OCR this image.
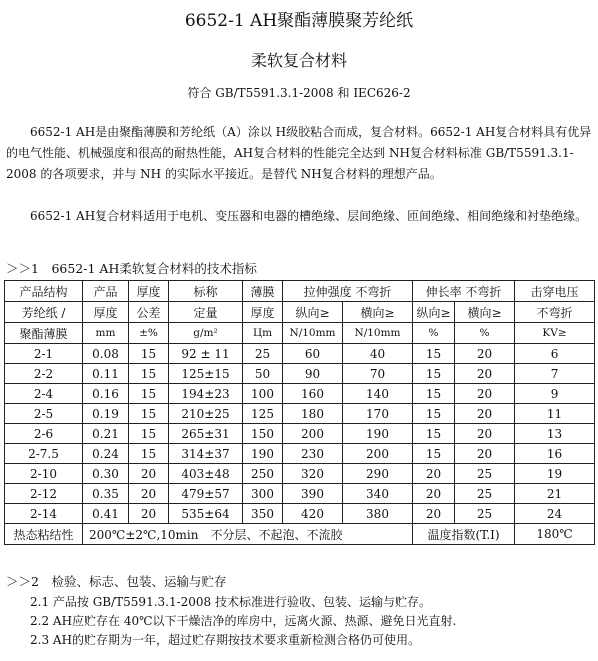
6652-1 AH聚酯薄膜聚芳纶纸
柔软复合材料
符合 GB/T5591.3.1-2008 和 IEC626-2

6652-1 AH是由聚酯薄膜和芳纶纸（A）涂以 H级胶粘合而成，复合材料。6652-1 AH复合材料具有优异的电气性能、机械强度和很高的耐热性能，AH复合材料的性能完全达到 NH复合材料标准 GB/T5591.3.1-2008 的各项要求，并与 NH 的实际水平接近。是替代 NH复合材料的理想产品。

6652-1 AH复合材料适用于电机、变压器和电器的槽绝缘、层间绝缘、匝间绝缘、相间绝缘和衬垫绝缘。

＞＞1　6652-1 AH柔软复合材料的技术指标
产品结构	产品	厚度	标称	薄膜	拉伸强度 不弯折		伸长率 不弯折		击穿电压
芳纶纸 /	厚度	公差	定量	厚度	纵向≥	横向≥	纵向≥	横向≥	不弯折
聚酯薄膜	mm	±%	g/m²	Цm	N/10mm	N/10mm	%	%	KV≥
2-1	0.08	15	92 ± 11	25	60	40	15	20	6
2-2	0.11	15	125±15	50	90	70	15	20	7
2-4	0.16	15	194±23	100	160	140	15	20	9
2-5	0.19	15	210±25	125	180	170	15	20	11
2-6	0.21	15	265±31	150	200	190	15	20	13
2-7.5	0.24	15	314±37	190	230	200	15	20	16
2-10	0.30	20	403±48	250	320	290	20	25	19
2-12	0.35	20	479±57	300	390	340	20	25	21
2-14	0.41	20	535±64	350	420	380	20	25	24
热态粘结性	200℃±2℃,10min　不分层、不起泡、不流胶						温度指数(T.I)		180℃
＞＞2　检验、标志、包装、运输与贮存
2.1 产品按 GB/T5591.3.1-2008 技术标准进行验收、包装、运输与贮存。
2.2 AH应贮存在 40℃以下干燥洁净的库房中，远离火源、热源、避免日光直射.
2.3 AH的贮存期为一年，超过贮存期按技术要求重新检测合格仍可使用。
